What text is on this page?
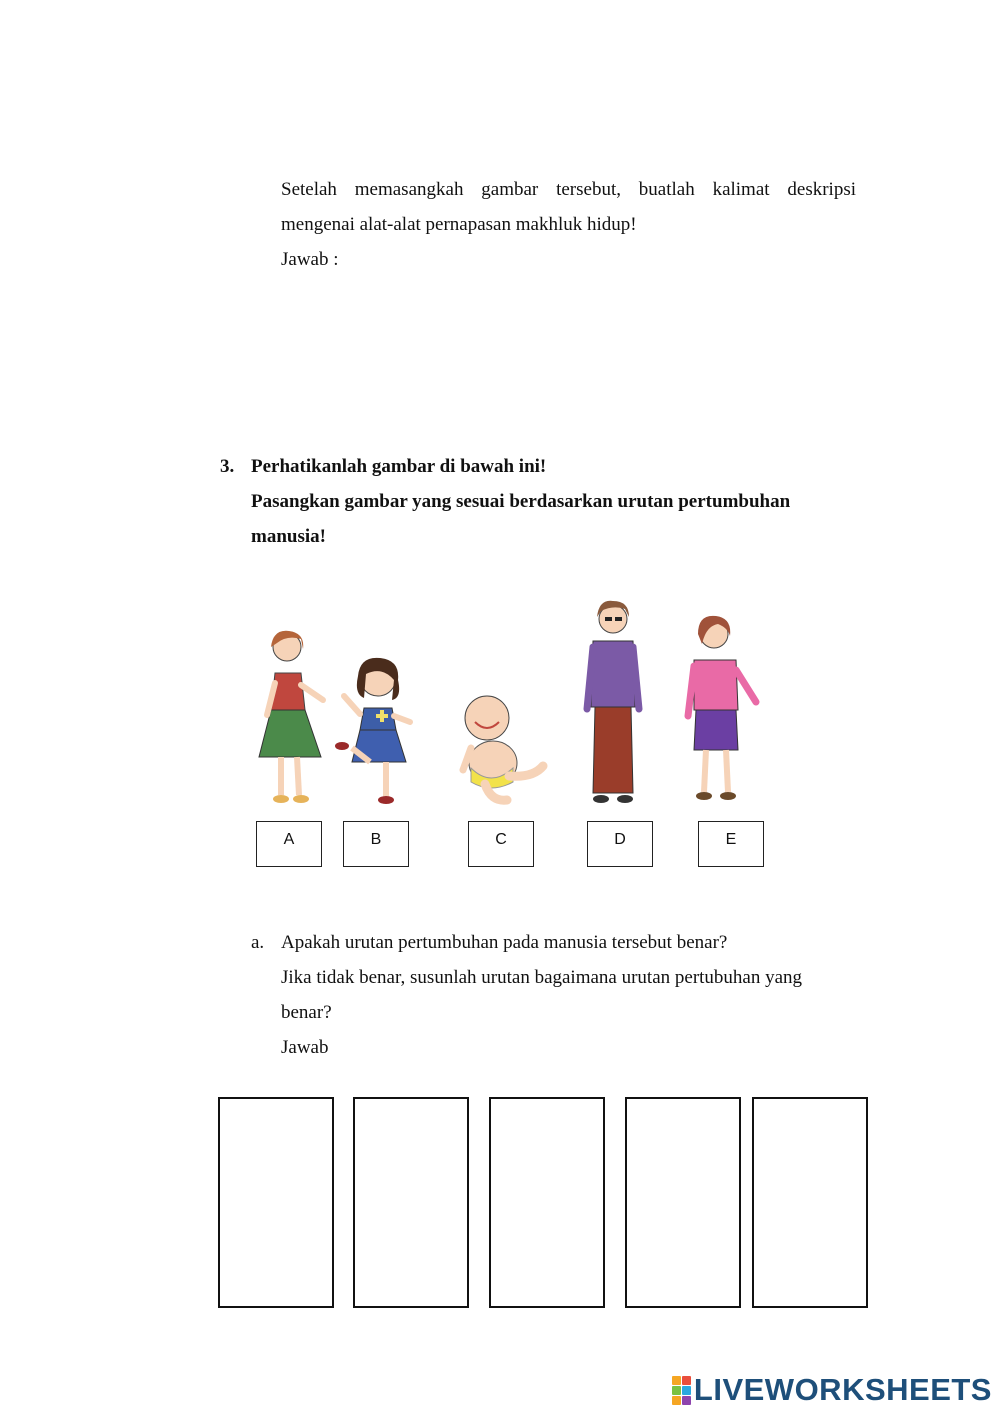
Setelah memasangkah gambar tersebut, buatlah kalimat deskripsi mengenai alat-alat pernapasan makhluk hidup!
Jawab :
3. Perhatikanlah gambar di bawah ini!
Pasangkan gambar yang sesuai berdasarkan urutan pertumbuhan manusia!
A	B	C	D	E
a. Apakah urutan pertumbuhan pada manusia tersebut benar?
Jika tidak benar, susunlah urutan bagaimana urutan pertubuhan yang
benar?
Jawab
LIVEWORKSHEETS
